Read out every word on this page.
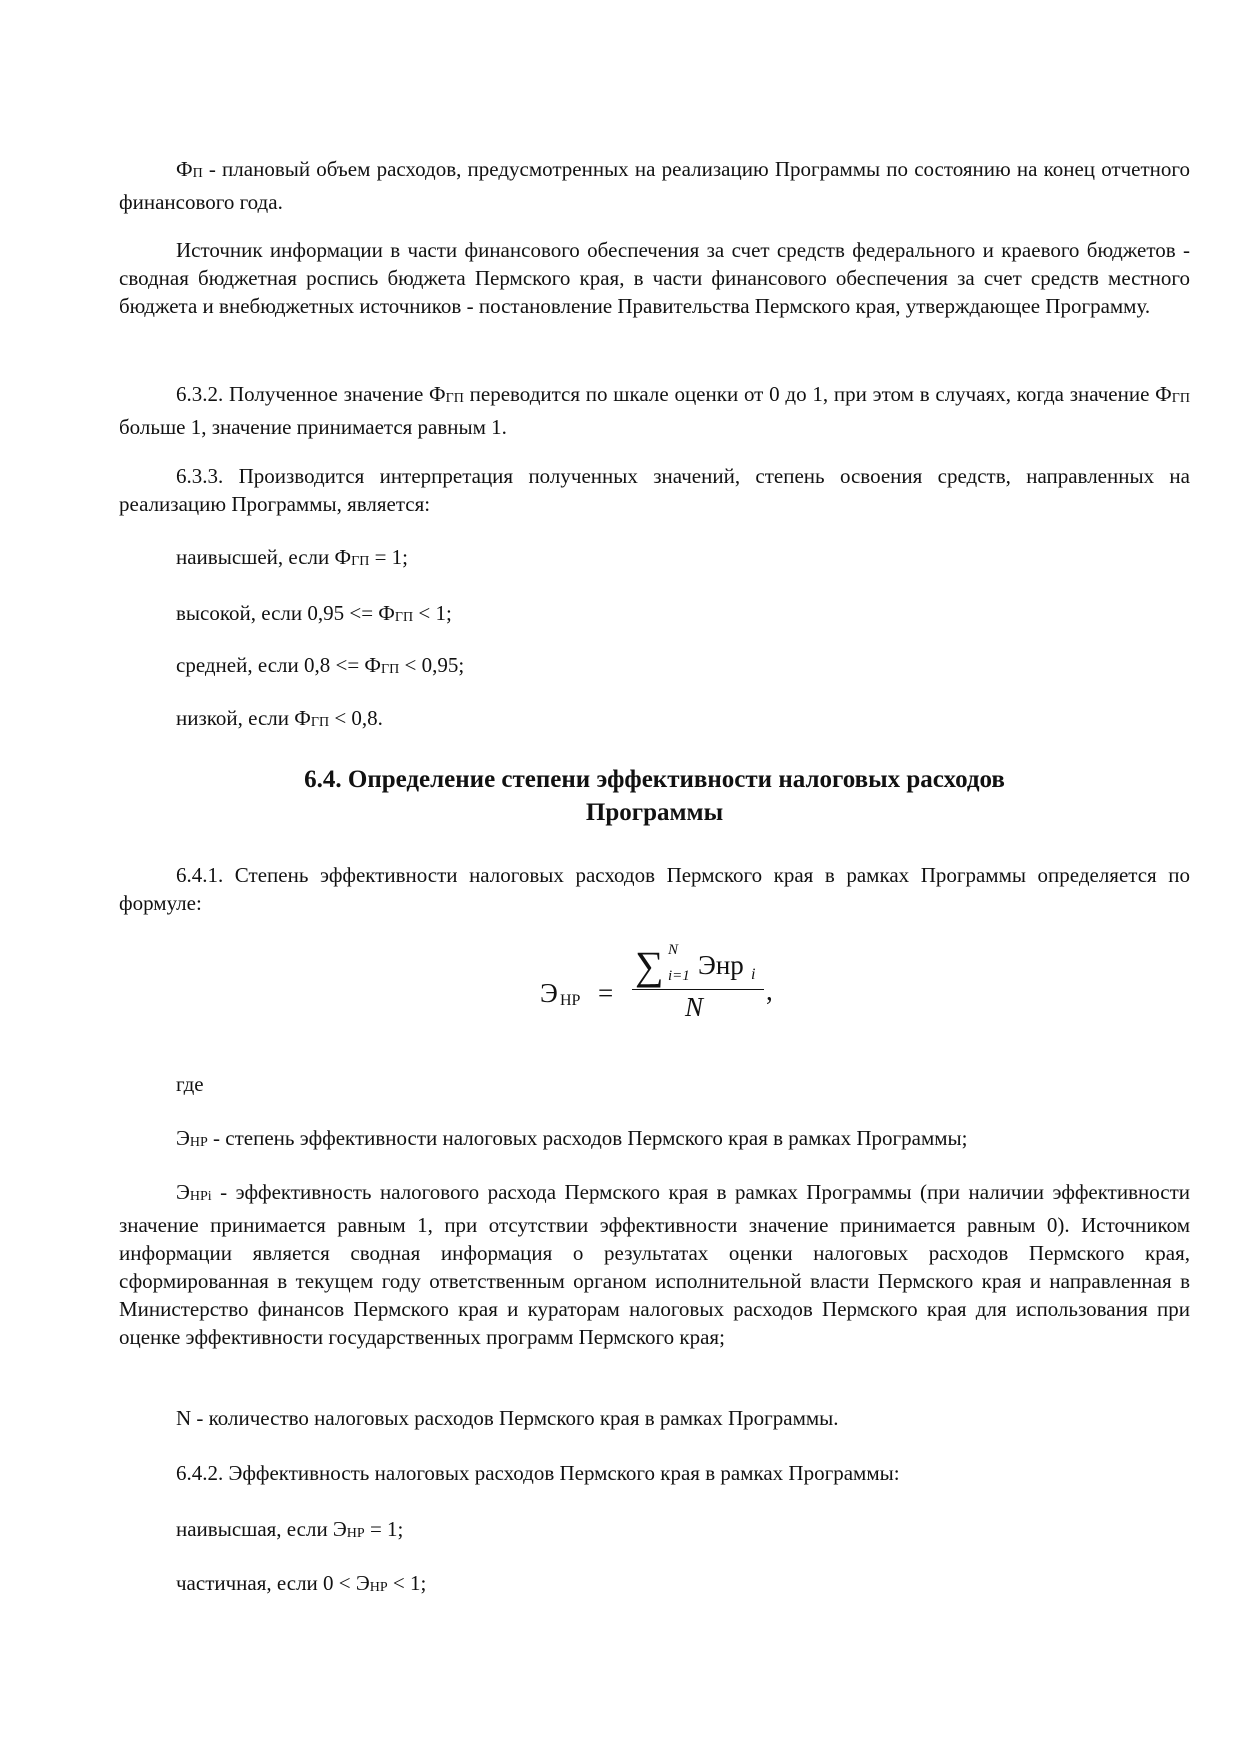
ФП - плановый объем расходов, предусмотренных на реализацию Программы по состоянию на конец отчетного финансового года.
Источник информации в части финансового обеспечения за счет средств федерального и краевого бюджетов - сводная бюджетная роспись бюджета Пермского края, в части финансового обеспечения за счет средств местного бюджета и внебюджетных источников - постановление Правительства Пермского края, утверждающее Программу.
6.3.2. Полученное значение ФГП переводится по шкале оценки от 0 до 1, при этом в случаях, когда значение ФГП больше 1, значение принимается равным 1.
6.3.3. Производится интерпретация полученных значений, степень освоения средств, направленных на реализацию Программы, является:
наивысшей, если ФГП = 1;
высокой, если 0,95 <= ФГП < 1;
средней, если 0,8 <= ФГП < 0,95;
низкой, если ФГП < 0,8.
6.4. Определение степени эффективности налоговых расходов
Программы
6.4.1. Степень эффективности налоговых расходов Пермского края в рамках Программы определяется по формуле:
Э НР =
∑ N
i=1 Энр i
N
,
где
ЭНР - степень эффективности налоговых расходов Пермского края в рамках Программы;
ЭНРi - эффективность налогового расхода Пермского края в рамках Программы (при наличии эффективности значение принимается равным 1, при отсутствии эффективности значение принимается равным 0). Источником информации является сводная информация о результатах оценки налоговых расходов Пермского края, сформированная в текущем году ответственным органом исполнительной власти Пермского края и направленная в Министерство финансов Пермского края и кураторам налоговых расходов Пермского края для использования при оценке эффективности государственных программ Пермского края;
N - количество налоговых расходов Пермского края в рамках Программы.
6.4.2. Эффективность налоговых расходов Пермского края в рамках Программы:
наивысшая, если ЭНР = 1;
частичная, если 0 < ЭНР < 1;
